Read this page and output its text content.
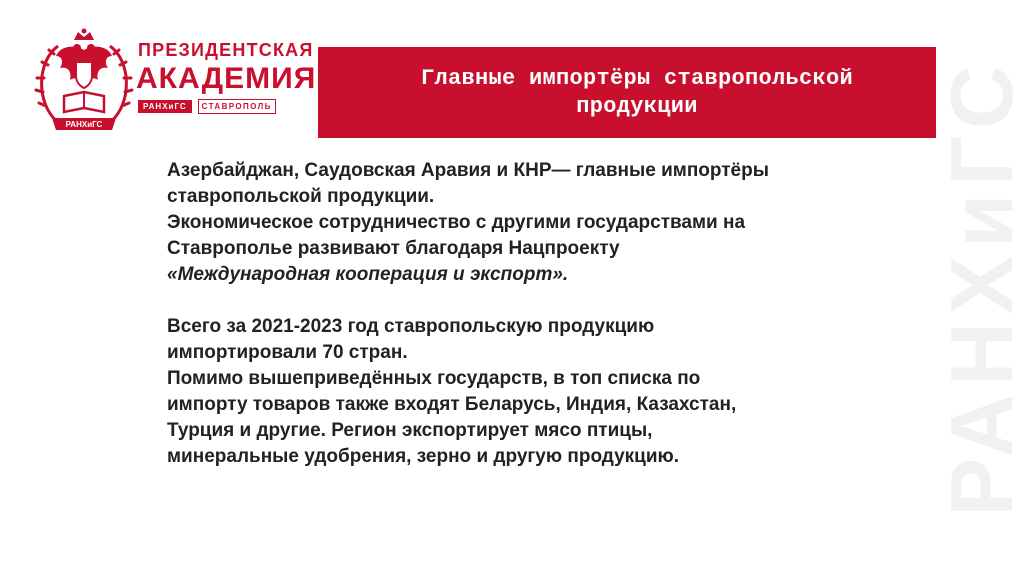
РАНХиГС
ПРЕЗИДЕНТСКАЯ
АКАДЕМИЯ
РАНХиГС	СТАВРОПОЛЬ
Главные импортёры ставропольской
продукции	РАНХиГС

Азербайджан, Саудовская Аравия и КНР— главные импортёры

ставропольской продукции.

Экономическое сотрудничество с другими государствами на

Ставрополье развивают благодаря Нацпроекту

«Международная кооперация и экспорт».

Всего за 2021-2023 год ставропольскую продукцию

импортировали 70 стран.

Помимо вышеприведённых государств, в топ списка по

импорту товаров также входят Беларусь, Индия, Казахстан,

Турция и другие. Регион экспортирует мясо птицы,

минеральные удобрения, зерно и другую продукцию.
